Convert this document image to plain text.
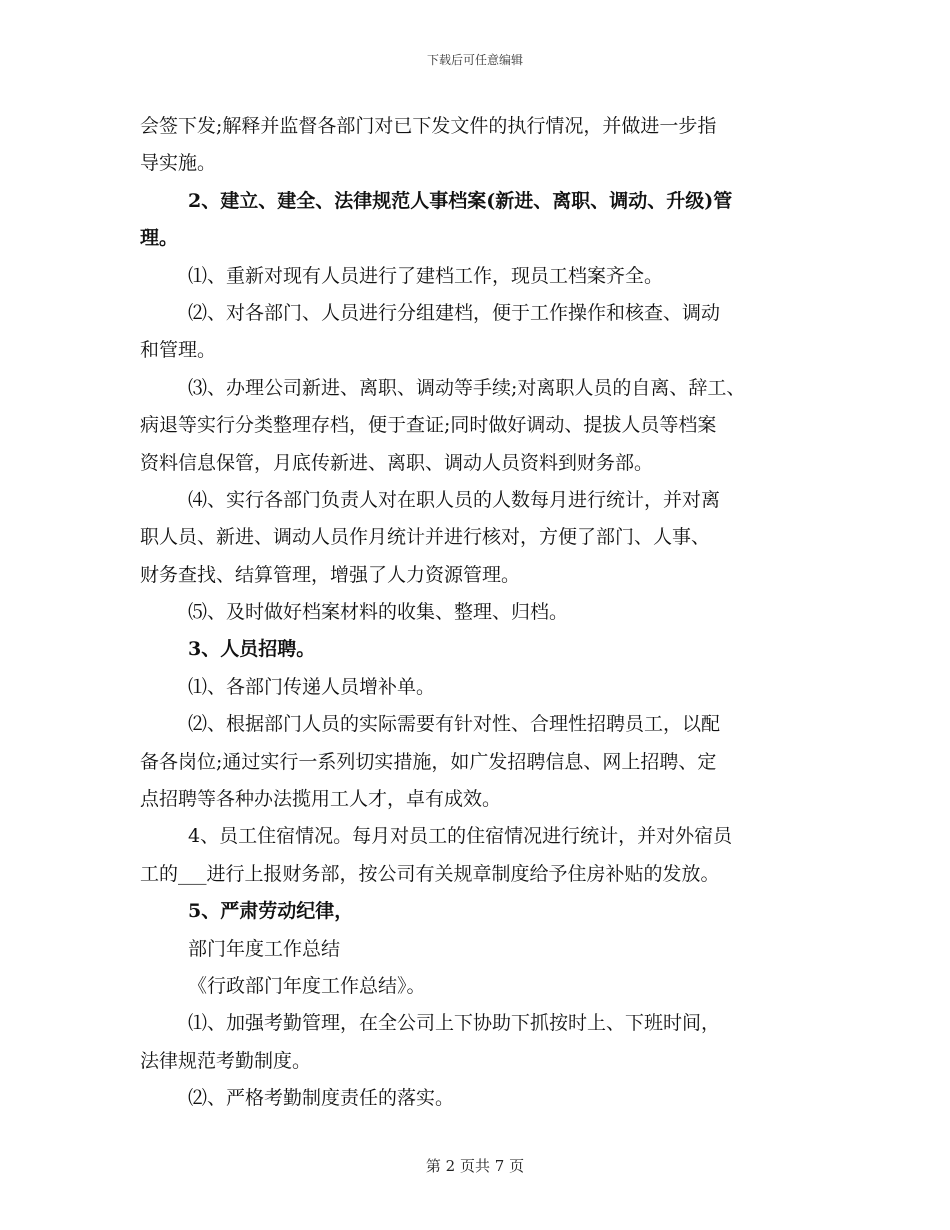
下载后可任意编辑
会签下发;解释并监督各部门对已下发文件的执行情况，并做进一步指
导实施。
2、建立、建全、法律规范人事档案(新进、离职、调动、升级)管
理。
⑴、重新对现有人员进行了建档工作，现员工档案齐全。
⑵、对各部门、人员进行分组建档，便于工作操作和核查、调动
和管理。
⑶、办理公司新进、离职、调动等手续;对离职人员的自离、辞工、
病退等实行分类整理存档，便于查证;同时做好调动、提拔人员等档案
资料信息保管，月底传新进、离职、调动人员资料到财务部。
⑷、实行各部门负责人对在职人员的人数每月进行统计，并对离
职人员、新进、调动人员作月统计并进行核对，方便了部门、人事、
财务查找、结算管理，增强了人力资源管理。
⑸、及时做好档案材料的收集、整理、归档。
3、人员招聘。
⑴、各部门传递人员增补单。
⑵、根据部门人员的实际需要有针对性、合理性招聘员工，以配
备各岗位;通过实行一系列切实措施，如广发招聘信息、网上招聘、定
点招聘等各种办法揽用工人才，卓有成效。
4、员工住宿情况。每月对员工的住宿情况进行统计，并对外宿员
工的___进行上报财务部，按公司有关规章制度给予住房补贴的发放。
5、严肃劳动纪律，
部门年度工作总结
《行政部门年度工作总结》。
⑴、加强考勤管理，在全公司上下协助下抓按时上、下班时间，
法律规范考勤制度。
⑵、严格考勤制度责任的落实。
第 2 页共 7 页
